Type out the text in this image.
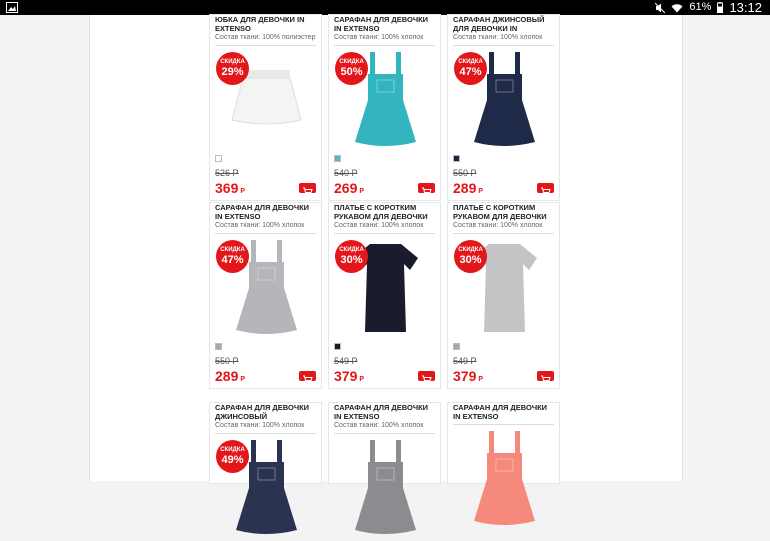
61% 13:12
ЮБКА ДЛЯ ДЕВОЧКИ IN EXTENSO
Состав ткани: 100% полиэстер
СКИДКА
29%
526 Р
369 Р
САРАФАН ДЛЯ ДЕВОЧКИ IN EXTENSO
Состав ткани: 100% хлопок
СКИДКА
50%
540 Р
269 Р
САРАФАН ДЖИНСОВЫЙ ДЛЯ ДЕВОЧКИ IN
Состав ткани: 100% хлопок
СКИДКА
47%
550 Р
289 Р
САРАФАН ДЛЯ ДЕВОЧКИ IN EXTENSO
Состав ткани: 100% хлопок
СКИДКА
47%
550 Р
289 Р
ПЛАТЬЕ С КОРОТКИМ РУКАВОМ ДЛЯ ДЕВОЧКИ
Состав ткани: 100% хлопок
СКИДКА
30%
549 Р
379 Р
ПЛАТЬЕ С КОРОТКИМ РУКАВОМ ДЛЯ ДЕВОЧКИ
Состав ткани: 100% хлопок
СКИДКА
30%
549 Р
379 Р
САРАФАН ДЛЯ ДЕВОЧКИ ДЖИНСОВЫЙ
Состав ткани: 100% хлопок
СКИДКА
49%
САРАФАН ДЛЯ ДЕВОЧКИ IN EXTENSO
Состав ткани: 100% хлопок
САРАФАН ДЛЯ ДЕВОЧКИ IN EXTENSO
